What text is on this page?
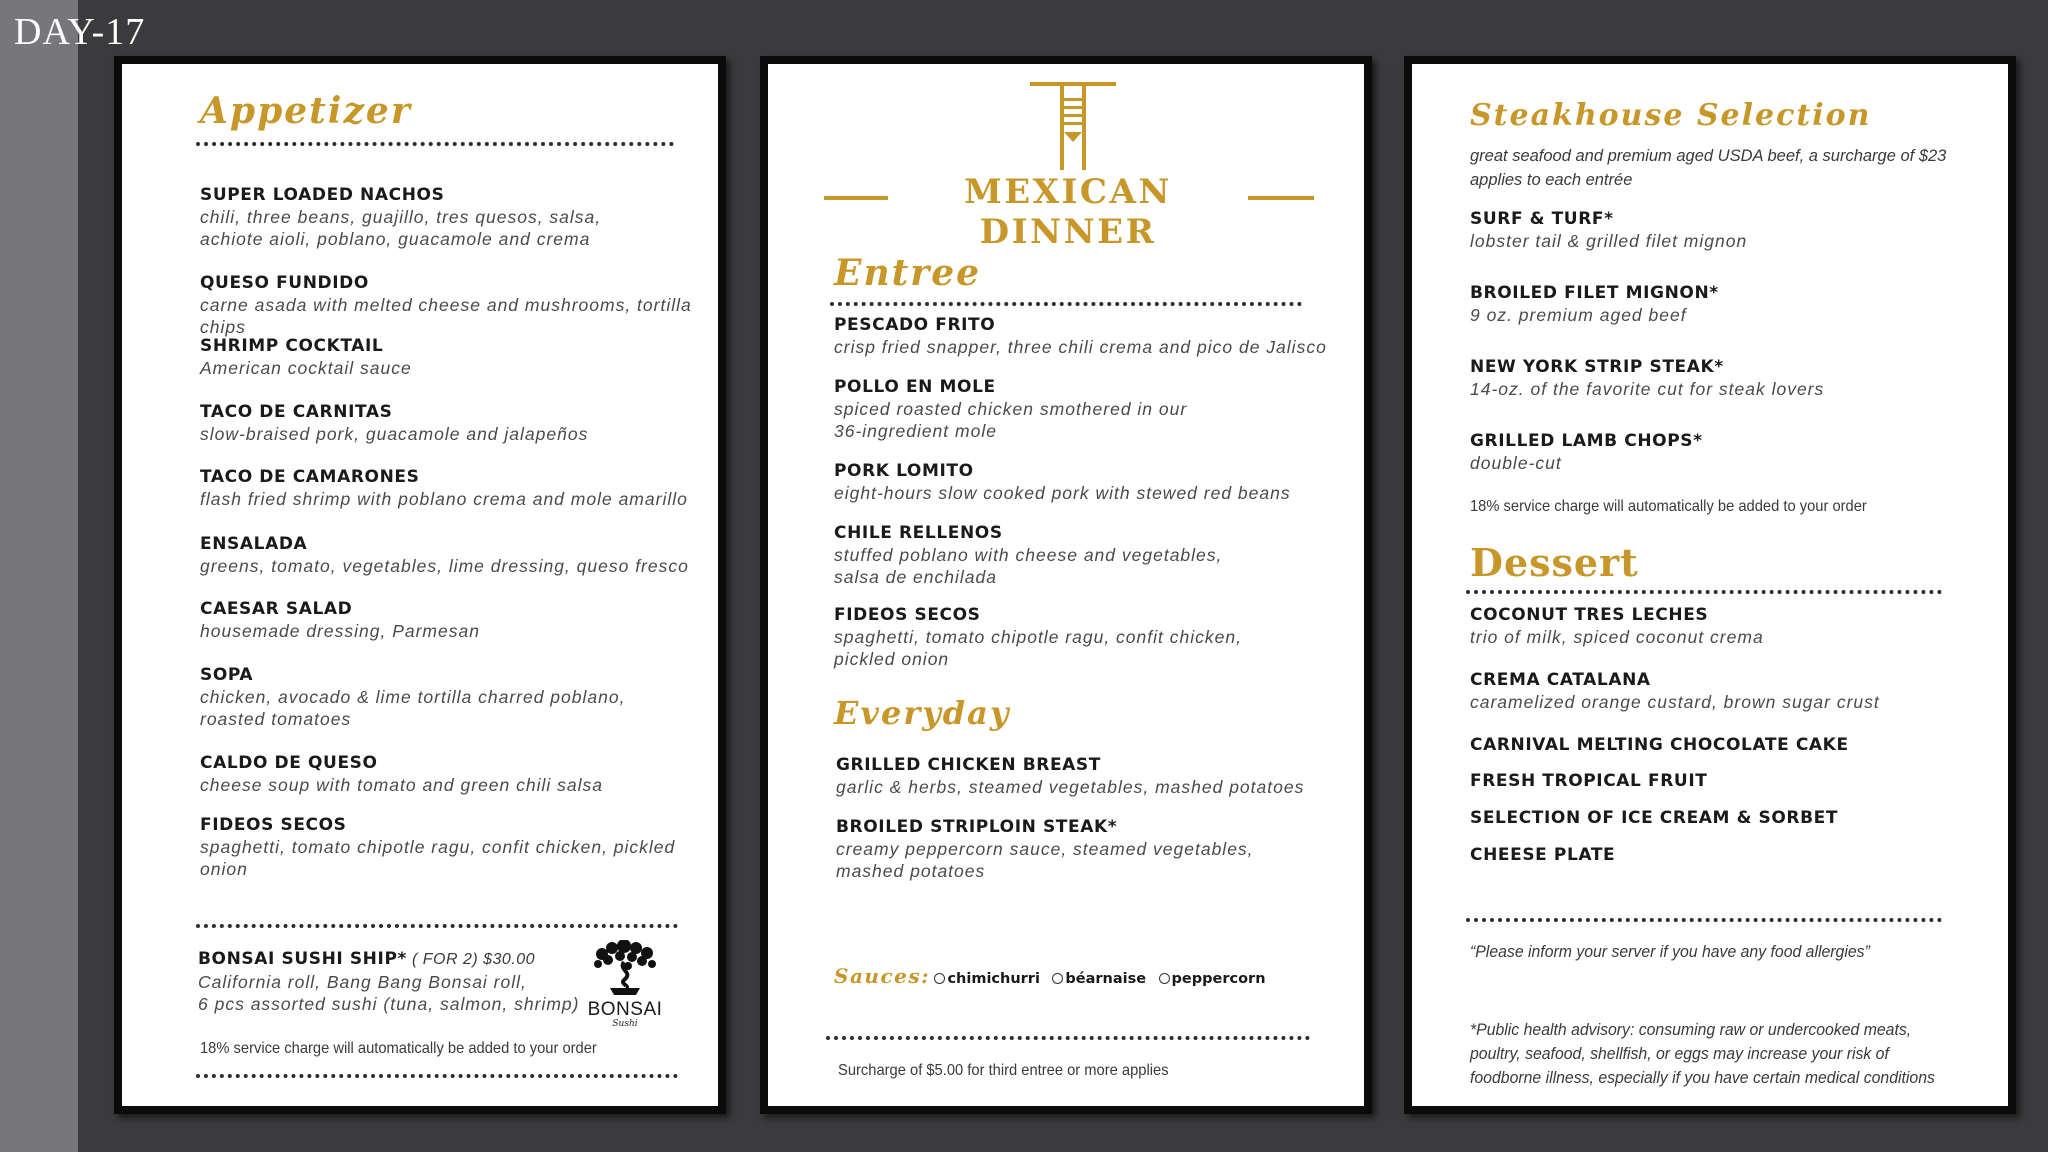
DAY-17
Appetizer
SUPER LOADED NACHOS
chili, three beans, guajillo, tres quesos, salsa,
achiote aioli, poblano, guacamole and crema
QUESO FUNDIDO
carne asada with melted cheese and mushrooms, tortilla chips
SHRIMP COCKTAIL
American cocktail sauce
TACO DE CARNITAS
slow-braised pork, guacamole and jalapeños
TACO DE CAMARONES
flash fried shrimp with poblano crema and mole amarillo
ENSALADA
greens, tomato, vegetables, lime dressing, queso fresco
CAESAR SALAD
housemade dressing, Parmesan
SOPA
chicken, avocado & lime tortilla charred poblano,
roasted tomatoes
CALDO DE QUESO
cheese soup with tomato and green chili salsa
FIDEOS SECOS
spaghetti, tomato chipotle ragu, confit chicken, pickled onion
BONSAI SUSHI SHIP* ( FOR 2) $30.00
California roll, Bang Bang Bonsai roll,
6 pcs assorted sushi (tuna, salmon, shrimp) BONSAI
Sushi
18% service charge will automatically be added to your order
MEXICAN DINNER
Entree
PESCADO FRITO
crisp fried snapper, three chili crema and pico de Jalisco
POLLO EN MOLE
spiced roasted chicken smothered in our
36-ingredient mole
PORK LOMITO
eight-hours slow cooked pork with stewed red beans
CHILE RELLENOS
stuffed poblano with cheese and vegetables,
salsa de enchilada
FIDEOS SECOS
spaghetti, tomato chipotle ragu, confit chicken,
pickled onion
Everyday
GRILLED CHICKEN BREAST
garlic & herbs, steamed vegetables, mashed potatoes
BROILED STRIPLOIN STEAK*
creamy peppercorn sauce, steamed vegetables,
mashed potatoes
Sauces: chimichurri béarnaise peppercorn
Surcharge of $5.00 for third entree or more applies
Steakhouse Selection
great seafood and premium aged USDA beef, a surcharge of $23
applies to each entrée
SURF & TURF*
lobster tail & grilled filet mignon
BROILED FILET MIGNON*
9 oz. premium aged beef
NEW YORK STRIP STEAK*
14-oz. of the favorite cut for steak lovers
GRILLED LAMB CHOPS*
double-cut
18% service charge will automatically be added to your order
Dessert
COCONUT TRES LECHES
trio of milk, spiced coconut crema
CREMA CATALANA
caramelized orange custard, brown sugar crust
CARNIVAL MELTING CHOCOLATE CAKE
FRESH TROPICAL FRUIT
SELECTION OF ICE CREAM & SORBET
CHEESE PLATE
“Please inform your server if you have any food allergies”
*Public health advisory: consuming raw or undercooked meats,
poultry, seafood, shellfish, or eggs may increase your risk of
foodborne illness, especially if you have certain medical conditions
